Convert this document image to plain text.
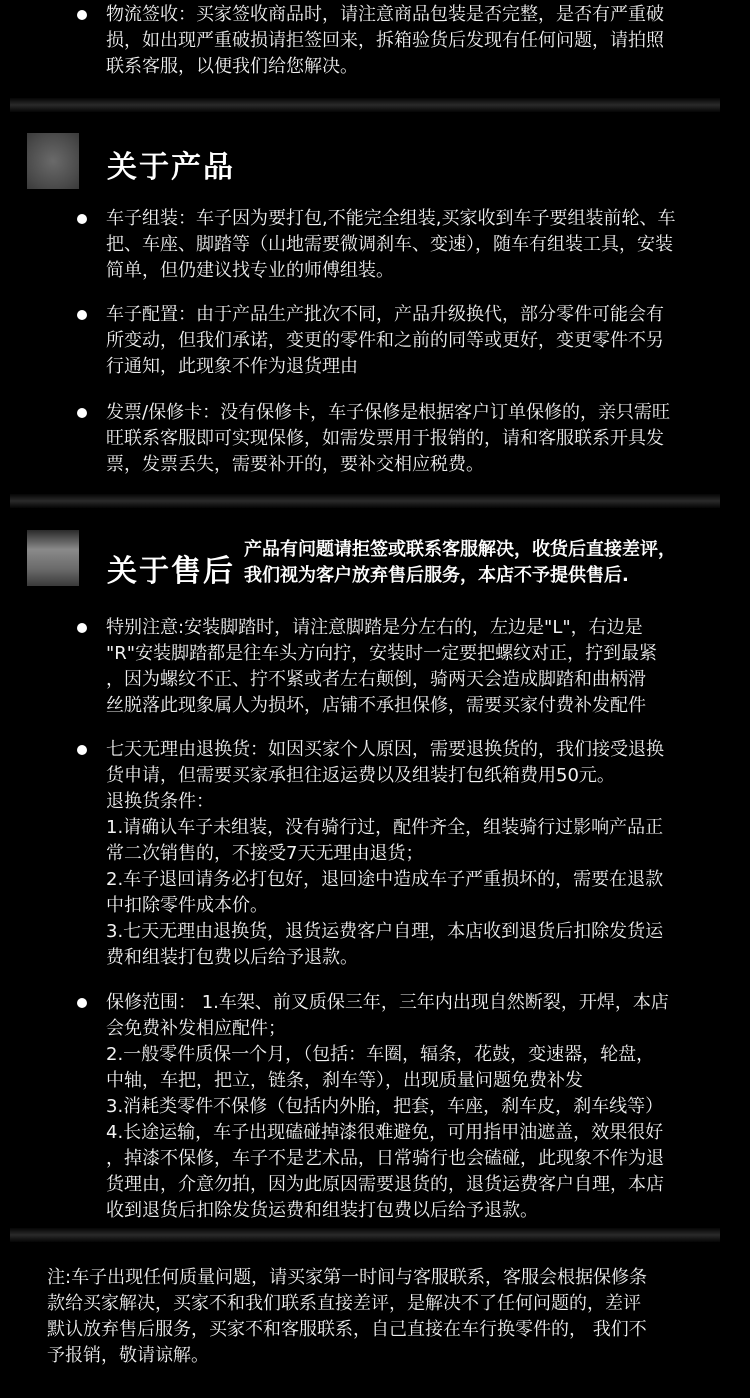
物流签收：买家签收商品时，请注意商品包装是否完整，是否有严重破
损，如出现严重破损请拒签回来，拆箱验货后发现有任何问题，请拍照
联系客服，以便我们给您解决。
关于产品
车子组装：车子因为要打包,不能完全组装,买家收到车子要组装前轮、车
把、车座、脚踏等（山地需要微调刹车、变速），随车有组装工具，安装
简单，但仍建议找专业的师傅组装。
车子配置：由于产品生产批次不同，产品升级换代，部分零件可能会有
所变动，但我们承诺，变更的零件和之前的同等或更好，变更零件不另
行通知，此现象不作为退货理由
发票/保修卡：没有保修卡，车子保修是根据客户订单保修的，亲只需旺
旺联系客服即可实现保修，如需发票用于报销的，请和客服联系开具发
票，发票丢失，需要补开的，要补交相应税费。
关于售后
产品有问题请拒签或联系客服解决，收货后直接差评，
我们视为客户放弃售后服务，本店不予提供售后.
特别注意:安装脚踏时，请注意脚踏是分左右的，左边是"L"，右边是
"R"安装脚踏都是往车头方向拧，安装时一定要把螺纹对正，拧到最紧
，因为螺纹不正、拧不紧或者左右颠倒，骑两天会造成脚踏和曲柄滑
丝脱落此现象属人为损坏，店铺不承担保修，需要买家付费补发配件
七天无理由退换货：如因买家个人原因，需要退换货的，我们接受退换
货申请，但需要买家承担往返运费以及组装打包纸箱费用50元。
退换货条件：
1.请确认车子未组装，没有骑行过，配件齐全，组装骑行过影响产品正
常二次销售的，不接受7天无理由退货；
2.车子退回请务必打包好，退回途中造成车子严重损坏的，需要在退款
中扣除零件成本价。
3.七天无理由退换货，退货运费客户自理，本店收到退货后扣除发货运
费和组装打包费以后给予退款。
保修范围： 1.车架、前叉质保三年，三年内出现自然断裂，开焊，本店
会免费补发相应配件；
2.一般零件质保一个月，（包括：车圈，辐条，花鼓，变速器，轮盘，
中轴，车把，把立，链条，刹车等），出现质量问题免费补发
3.消耗类零件不保修（包括内外胎，把套，车座，刹车皮，刹车线等）
4.长途运输，车子出现磕碰掉漆很难避免，可用指甲油遮盖，效果很好
，掉漆不保修，车子不是艺术品，日常骑行也会磕碰，此现象不作为退
货理由，介意勿拍，因为此原因需要退货的，退货运费客户自理，本店
收到退货后扣除发货运费和组装打包费以后给予退款。
注:车子出现任何质量问题，请买家第一时间与客服联系，客服会根据保修条
款给买家解决，买家不和我们联系直接差评，是解决不了任何问题的，差评
默认放弃售后服务，买家不和客服联系，自己直接在车行换零件的， 我们不
予报销，敬请谅解。
